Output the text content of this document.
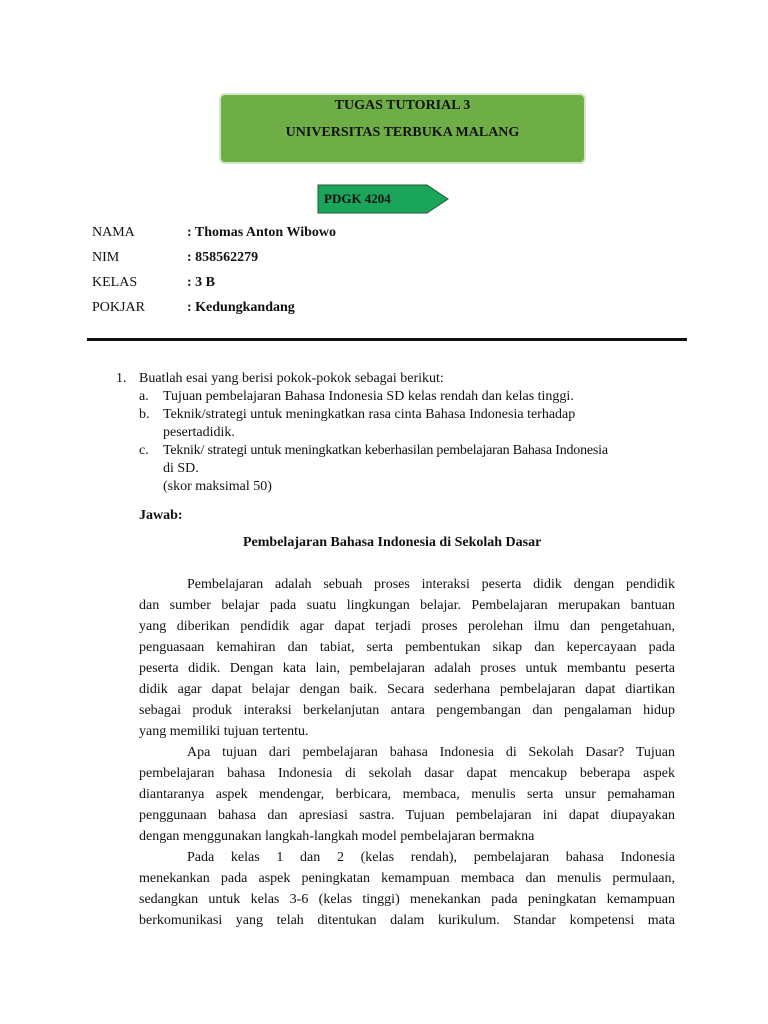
TUGAS TUTORIAL 3
UNIVERSITAS TERBUKA MALANG
PDGK 4204
NAMA	: Thomas Anton Wibowo
NIM	: 858562279
KELAS	: 3 B
POKJAR	: Kedungkandang
1. Buatlah esai yang berisi pokok-pokok sebagai berikut:
a. Tujuan pembelajaran Bahasa Indonesia SD kelas rendah dan kelas tinggi.
b. Teknik/strategi untuk meningkatkan rasa cinta Bahasa Indonesia terhadap
pesertadidik.
c. Teknik/ strategi untuk meningkatkan keberhasilan pembelajaran Bahasa Indonesia
di SD.
(skor maksimal 50)
Jawab:
Pembelajaran Bahasa Indonesia di Sekolah Dasar
Pembelajaran adalah sebuah proses interaksi peserta didik dengan pendidik
dan sumber belajar pada suatu lingkungan belajar. Pembelajaran merupakan bantuan
yang diberikan pendidik agar dapat terjadi proses perolehan ilmu dan pengetahuan,
penguasaan kemahiran dan tabiat, serta pembentukan sikap dan kepercayaan pada
peserta didik. Dengan kata lain, pembelajaran adalah proses untuk membantu peserta
didik agar dapat belajar dengan baik. Secara sederhana pembelajaran dapat diartikan
sebagai produk interaksi berkelanjutan antara pengembangan dan pengalaman hidup
yang memiliki tujuan tertentu.
Apa tujuan dari pembelajaran bahasa Indonesia di Sekolah Dasar? Tujuan
pembelajaran bahasa Indonesia di sekolah dasar dapat mencakup beberapa aspek
diantaranya aspek mendengar, berbicara, membaca, menulis serta unsur pemahaman
penggunaan bahasa dan apresiasi sastra. Tujuan pembelajaran ini dapat diupayakan
dengan menggunakan langkah-langkah model pembelajaran bermakna
Pada kelas 1 dan 2 (kelas rendah), pembelajaran bahasa Indonesia
menekankan pada aspek peningkatan kemampuan membaca dan menulis permulaan,
sedangkan untuk kelas 3-6 (kelas tinggi) menekankan pada peningkatan kemampuan
berkomunikasi yang telah ditentukan dalam kurikulum. Standar kompetensi mata
